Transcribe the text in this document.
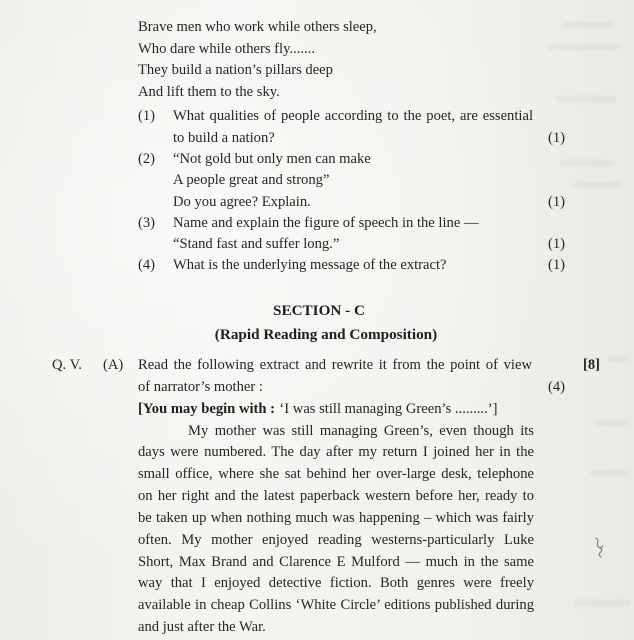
Brave men who work while others sleep,
Who dare while others fly.......
They build a nation’s pillars deep
And lift them to the sky.
(1) What qualities of people according to the poet, are essential
to build a nation?	(1)
(2) “Not gold but only men can make
A people great and strong”
Do you agree? Explain.	(1)
(3) Name and explain the figure of speech in the line —
“Stand fast and suffer long.”	(1)
(4) What is the underlying message of the extract?	(1)
SECTION - C
(Rapid Reading and Composition)
Q. V. (A) Read the following extract and rewrite it from the point of view	[8]
of narrator’s mother :	(4)
[You may begin with : ‘I was still managing Green’s .........’]
My mother was still managing Green’s, even though its
days were numbered. The day after my return I joined her in the
small office, where she sat behind her over-large desk, telephone
on her right and the latest paperback western before her, ready to
be taken up when nothing much was happening – which was fairly
often. My mother enjoyed reading westerns-particularly Luke
Short, Max Brand and Clarence E Mulford — much in the same
way that I enjoyed detective fiction. Both genres were freely
available in cheap Collins ‘White Circle’ editions published during
and just after the War.
